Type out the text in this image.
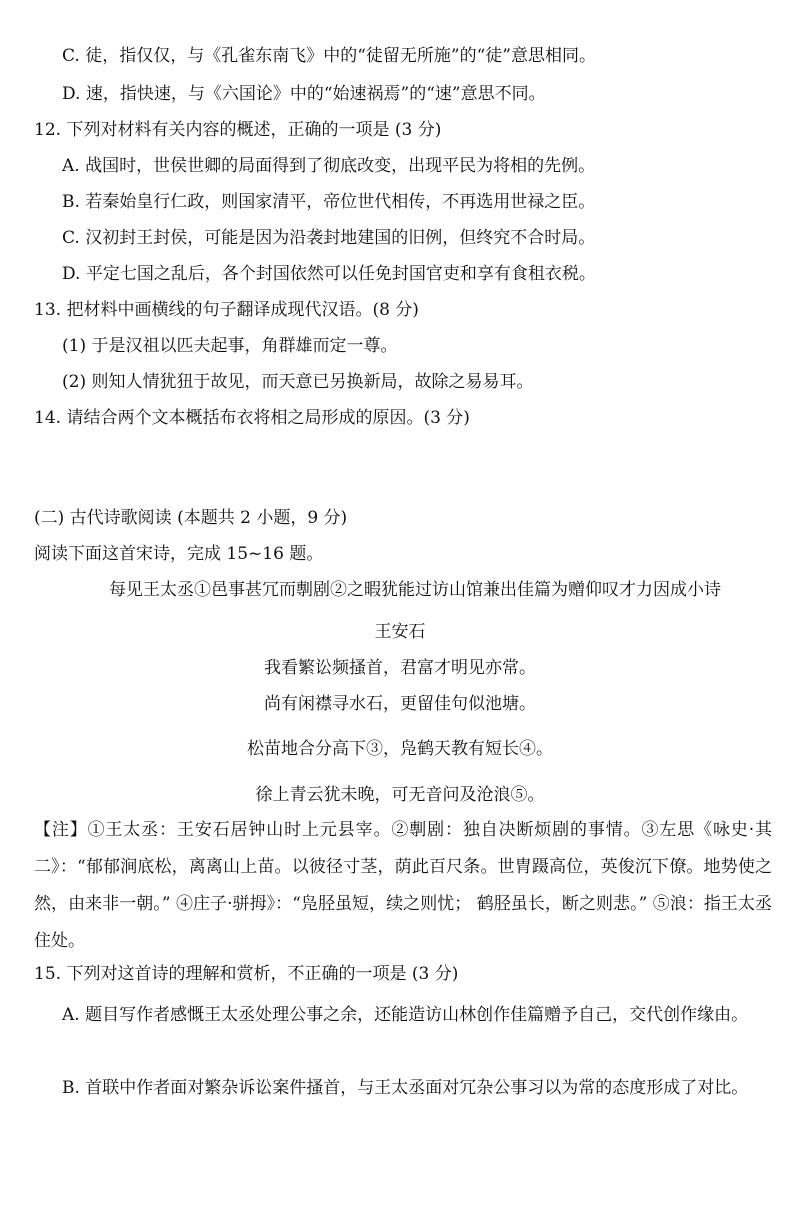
C. 徒，指仅仅，与《孔雀东南飞》中的“徒留无所施”的“徒”意思相同。
D. 速，指快速，与《六国论》中的“始速祸焉”的“速”意思不同。
12. 下列对材料有关内容的概述，正确的一项是 (3 分)
A. 战国时，世侯世卿的局面得到了彻底改变，出现平民为将相的先例。
B. 若秦始皇行仁政，则国家清平，帝位世代相传，不再选用世禄之臣。
C. 汉初封王封侯，可能是因为沿袭封地建国的旧例，但终究不合时局。
D. 平定七国之乱后，各个封国依然可以任免封国官吏和享有食租衣税。
13. 把材料中画横线的句子翻译成现代汉语。(8 分)
(1) 于是汉祖以匹夫起事，角群雄而定一尊。
(2) 则知人情犹狃于故见，而天意已另换新局，故除之易易耳。
14. 请结合两个文本概括布衣将相之局形成的原因。(3 分)
(二) 古代诗歌阅读 (本题共 2 小题，9 分)
阅读下面这首宋诗，完成 15~16 题。
每见王太丞①邑事甚冗而剸剧②之暇犹能过访山馆兼出佳篇为赠仰叹才力因成小诗
王安石
我看繁讼频搔首，君富才明见亦常。
尚有闲襟寻水石，更留佳句似池塘。
松苗地合分高下③，凫鹤天教有短长④。
徐上青云犹未晚，可无音问及沧浪⑤。
【注】①王太丞：王安石居钟山时上元县宰。②剸剧：独自决断烦剧的事情。③左思《咏史·其二》：“郁郁涧底松，离离山上苗。以彼径寸茎，荫此百尺条。世胄蹑高位，英俊沉下僚。地势使之然，由来非一朝。” ④庄子·骈拇》：“凫胫虽短，续之则忧； 鹤胫虽长，断之则悲。” ⑤浪：指王太丞住处。
15. 下列对这首诗的理解和赏析，不正确的一项是 (3 分)
A. 题目写作者感慨王太丞处理公事之余，还能造访山林创作佳篇赠予自己，交代创作缘由。
B. 首联中作者面对繁杂诉讼案件搔首，与王太丞面对冗杂公事习以为常的态度形成了对比。
